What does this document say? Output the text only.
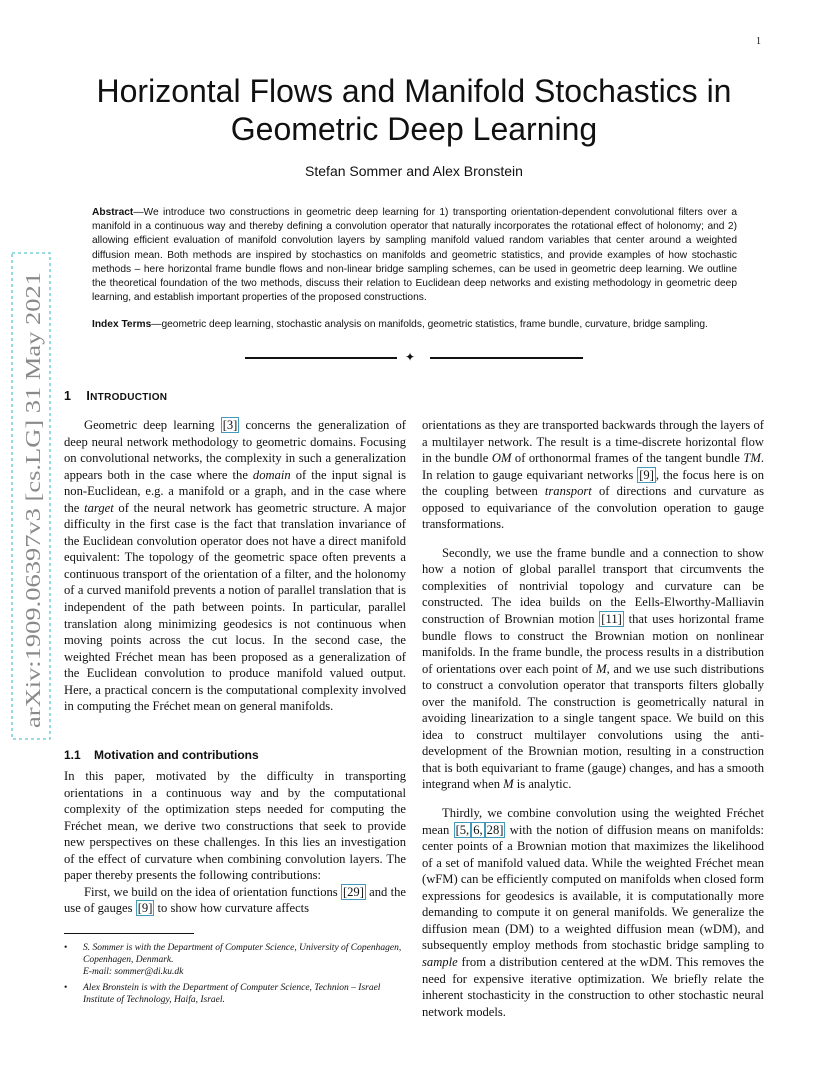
1
Horizontal Flows and Manifold Stochastics in Geometric Deep Learning
Stefan Sommer and Alex Bronstein
Abstract—We introduce two constructions in geometric deep learning for 1) transporting orientation-dependent convolutional filters over a manifold in a continuous way and thereby defining a convolution operator that naturally incorporates the rotational effect of holonomy; and 2) allowing efficient evaluation of manifold convolution layers by sampling manifold valued random variables that center around a weighted diffusion mean. Both methods are inspired by stochastics on manifolds and geometric statistics, and provide examples of how stochastic methods – here horizontal frame bundle flows and non-linear bridge sampling schemes, can be used in geometric deep learning. We outline the theoretical foundation of the two methods, discuss their relation to Euclidean deep networks and existing methodology in geometric deep learning, and establish important properties of the proposed constructions.
Index Terms—geometric deep learning, stochastic analysis on manifolds, geometric statistics, frame bundle, curvature, bridge sampling.
✦
arXiv:1909.06397v3 [cs.LG] 31 May 2021 1 INTRODUCTION

Geometric deep learning [3] concerns the generalization of deep neural network methodology to geometric domains. Focusing on convolutional networks, the complexity in such a generalization appears both in the case where the domain of the input signal is non-Euclidean, e.g. a manifold or a graph, and in the case where the target of the neural network has geometric structure. A major difficulty in the first case is the fact that translation invariance of the Euclidean convolution operator does not have a direct manifold equivalent: The topology of the geometric space often prevents a continuous transport of the orientation of a filter, and the holonomy of a curved manifold prevents a notion of parallel translation that is independent of the path between points. In particular, parallel translation along minimizing geodesics is not continuous when moving points across the cut locus. In the second case, the weighted Fréchet mean has been proposed as a generalization of the Euclidean convolution to produce manifold valued output. Here, a practical concern is the computational complexity involved in computing the Fréchet mean on general manifolds.

1.1 Motivation and contributions

In this paper, motivated by the difficulty in transporting orientations in a continuous way and by the computational complexity of the optimization steps needed for computing the Fréchet mean, we derive two constructions that seek to provide new perspectives on these challenges. In this lies an investigation of the effect of curvature when combining convolution layers. The paper thereby presents the following contributions:

First, we build on the idea of orientation functions [29] and the use of gauges [9] to show how curvature affects

orientations as they are transported backwards through the layers of a multilayer network. The result is a time-discrete horizontal flow in the bundle OM of orthonormal frames of the tangent bundle TM. In relation to gauge equivariant networks [9] , the focus here is on the coupling between transport of directions and curvature as opposed to equivariance of the convolution operation to gauge transformations.

Secondly, we use the frame bundle and a connection to show how a notion of global parallel transport that circumvents the complexities of nontrivial topology and curvature can be constructed. The idea builds on the Eells-Elworthy-Malliavin construction of Brownian motion [11] that uses horizontal frame bundle flows to construct the Brownian motion on nonlinear manifolds. In the frame bundle, the process results in a distribution of orientations over each point of M, and we use such distributions to construct a convolution operator that transports filters globally over the manifold. The construction is geometrically natural in avoiding linearization to a single tangent space. We build on this idea to construct multilayer convolutions using the anti-development of the Brownian motion, resulting in a construction that is both equivariant to frame (gauge) changes, and has a smooth integrand when M is analytic.

Thirdly, we combine convolution using the weighted Fréchet mean [5, 6, 28] with the notion of diffusion means on manifolds: center points of a Brownian motion that maximizes the likelihood of a set of manifold valued data. While the weighted Fréchet mean (wFM) can be efficiently computed on manifolds when closed form expressions for geodesics is available, it is computationally more demanding to compute it on general manifolds. We generalize the diffusion mean (DM) to a weighted diffusion mean (wDM), and subsequently employ methods from stochastic bridge sampling to sample from a distribution centered at the wDM. This removes the need for expensive iterative optimization. We briefly relate the inherent stochasticity in the construction to other stochastic neural network models.

• S. Sommer is with the Department of Computer Science, University of Copenhagen, Copenhagen, Denmark.
E-mail: sommer@di.ku.dk
• Alex Bronstein is with the Department of Computer Science, Technion – Israel Institute of Technology, Haifa, Israel.
